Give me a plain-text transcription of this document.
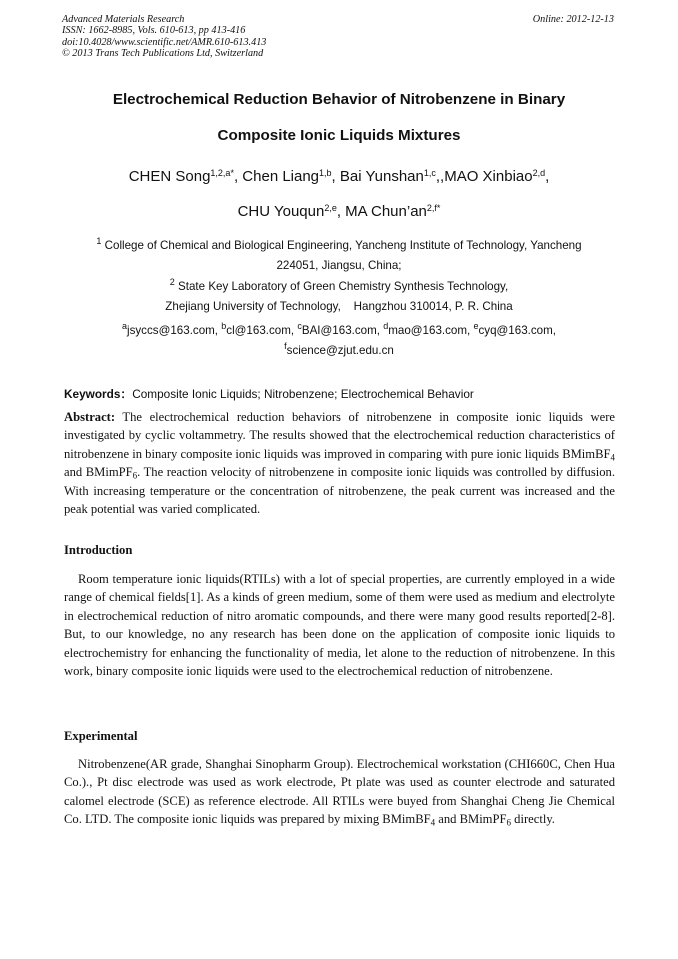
Advanced Materials Research
ISSN: 1662-8985, Vols. 610-613, pp 413-416
doi:10.4028/www.scientific.net/AMR.610-613.413
© 2013 Trans Tech Publications Ltd, Switzerland
Online: 2012-12-13
Electrochemical Reduction Behavior of Nitrobenzene in Binary
Composite Ionic Liquids Mixtures
CHEN Song$^{1,2,a*}$, Chen Liang$^{1,b}$, Bai Yunshan$^{1,c}$,,MAO Xinbiao$^{2,d}$,
CHU Youqun$^{2,e}$, MA $Chun’an^{2,f*}$
$^1$ College of Chemical and Biological Engineering, Yancheng Institute of Technology, Yancheng
224051, Jiangsu, China;
$^2$ State Key Laboratory of Green Chemistry Synthesis Technology,
Zhejiang University of Technology,    Hangzhou 310014, P. R. China
$^a$jsyccs@163.com, $^b$cl@163.com, $^c$BAI@163.com, $^d$mao@163.com, $^e$cyq@163.com,
$^f$science@zjut.edu.cn
Keywords：Composite Ionic Liquids; Nitrobenzene; Electrochemical Behavior
Abstract: The electrochemical reduction behaviors of nitrobenzene in composite ionic liquids were investigated by cyclic voltammetry. The results showed that the electrochemical reduction characteristics of nitrobenzene in binary composite ionic liquids was improved in comparing with pure ionic liquids BMimBF$_4$ and BMimPF$_6$. The reaction velocity of nitrobenzene in composite ionic liquids was controlled by diffusion. With increasing temperature or the concentration of nitrobenzene, the peak current was increased and the peak potential was varied complicated.
Introduction
Room temperature ionic liquids(RTILs) with a lot of special properties, are currently employed in a wide range of chemical fields[1]. As a kinds of green medium, some of them were used as medium and electrolyte in electrochemical reduction of nitro aromatic compounds, and there were many good results reported[2-8]. But, to our knowledge, no any research has been done on the application of composite ionic liquids to electrochemistry for enhancing the functionality of media, let alone to the reduction of nitrobenzene. In this work, binary composite ionic liquids were used to the electrochemical reduction of nitrobenzene.
Experimental
Nitrobenzene(AR grade, Shanghai Sinopharm Group). Electrochemical workstation (CHI660C, Chen Hua Co.)., Pt disc electrode was used as work electrode, Pt plate was used as counter electrode and saturated calomel electrode (SCE) as reference electrode. All RTILs were buyed from Shanghai Cheng Jie Chemical Co. LTD. The composite ionic liquids was prepared by mixing BMimBF$_4$ and BMimPF$_6$ directly.
